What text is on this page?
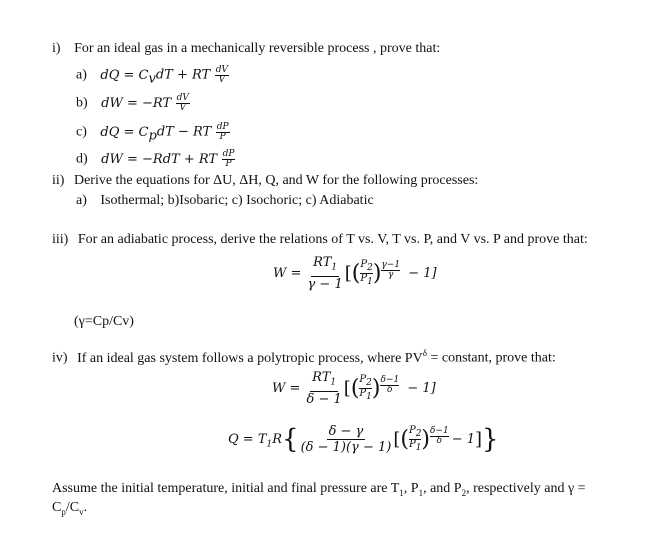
i) For an ideal gas in a mechanically reversible process , prove that:
a) dQ = $C_vdT$ + RT $\frac{dV}{V}$
b) dW = $-RT \frac{dV}{V}$
c) dQ = $C_pdT$ − RT $\frac{dP}{P}$
d) dW = −RdT + RT $\frac{dP}{P}$
ii) Derive the equations for ΔU, ΔH, Q, and W for the following processes:
a) Isothermal; b)Isobaric; c) Isochoric; c) Adiabatic
iii) For an adiabatic process, derive the relations of T vs. V, T vs. P, and V vs. P and prove that:
$W = \frac{RT_1}{\gamma - 1}$ [( $\frac{P_2}{P_1}$ ) $\frac{\gamma-1}{\gamma} - 1$]
(γ=Cp/Cv)
iv) If an ideal gas system follows a polytropic process, where $PV^\delta$ = constant, prove that:
$W = \frac{RT_1}{\delta - 1}$ [( $\frac{P_2}{P_1}$ ) $\frac{\delta-1}{\delta} - 1$]
$Q = T_1R\{ \frac{\delta - \gamma}{(\delta - 1)(\gamma - 1)}$ [( $\frac{P_2}{P_1}$ ) $\frac{\delta-1}{\delta} - 1$]}
Assume the initial temperature, initial and final pressure are $T_1$, $P_1$, and $P_2$, respectively and γ =
$C_p/C_v$.
